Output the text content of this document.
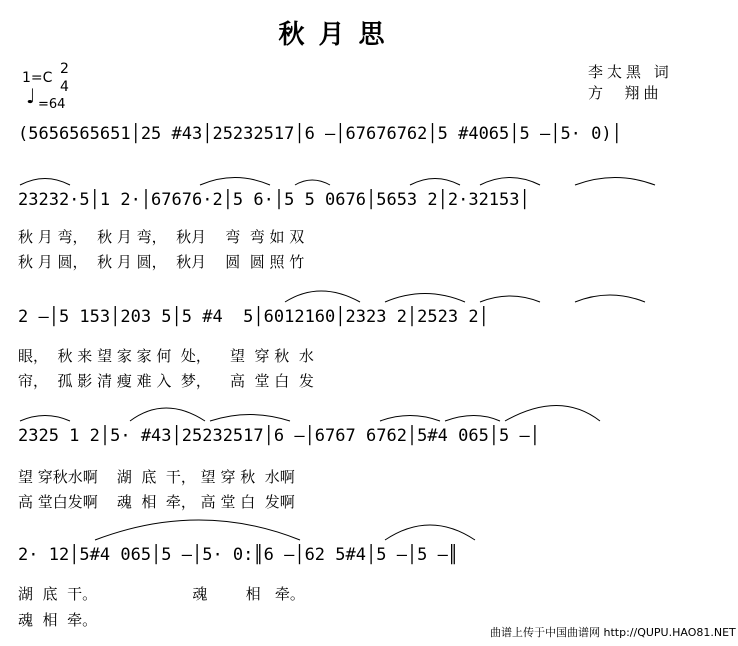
秋月思
李太黑 词
方  翔曲
1=C
2
4
♩ =64
(5656565651│25 #43│25232517│6 –│67676762│5 #4065│5 –│5· 0)│
23232·5│1 2·│67676·2│5 6·│5 5 0676│5653 2│2·32153│
秋 月 弯，  秋 月 弯，  秋月    弯  弯 如 双
秋 月 圆，  秋 月 圆，  秋月    圆  圆 照 竹
2 –│5 153│203 5│5 #4  5│6012160│2323 2│2523 2│
眼，  秋 来 望 家 家 何  处，    望  穿 秋  水
帘，  孤 影 清 瘦 难 入  梦，    高  堂 白  发
2325 1 2│5· #43│25232517│6 –│6767 6762│5#4 065│5 –│
望 穿秋水啊    湖  底  干， 望 穿 秋  水啊
高 堂白发啊    魂  相  牵， 高 堂 白  发啊
2· 12│5#4 065│5 –│5· 0:║6 –│62 5#4│5 –│5 –║
湖  底  干。                    魂        相   牵。
魂  相  牵。
曲谱上传于中国曲谱网 http://QUPU.HAO81.NET
